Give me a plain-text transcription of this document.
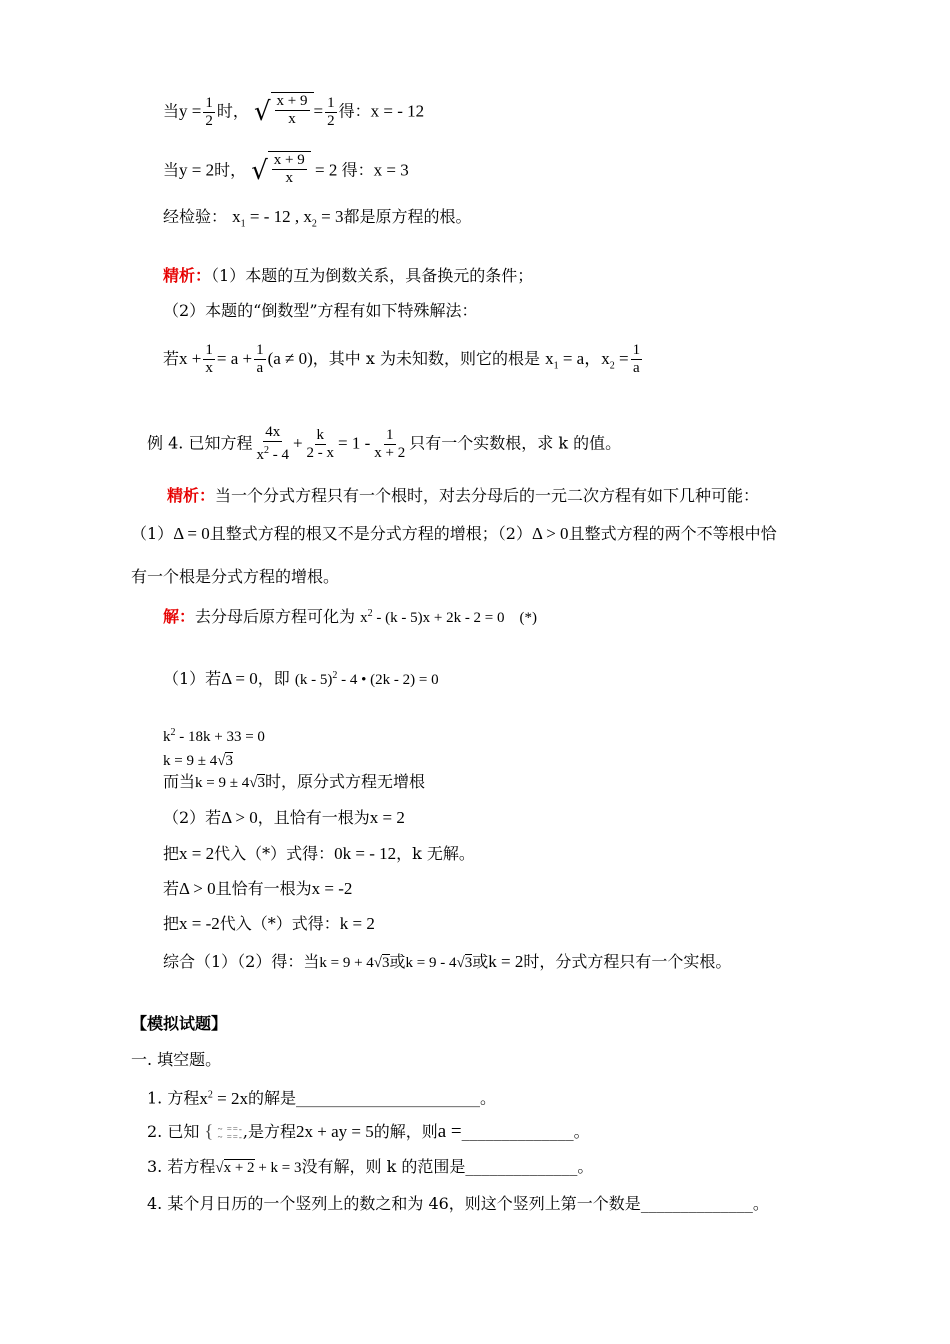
当$y = \frac{1}{2}$ 时， √ $\frac{x + 9}{x} = \frac{1}{2}$ 得：x = - 12
当y = 2时， √ $\frac{x + 9}{x} = 2$ 得：x = 3
经检验： $x_1$ = - 12 , $x_2 = 3$都是原方程的根。
精析：（1）本题的互为倒数关系，具备换元的条件；
（2）本题的“倒数型”方程有如下特殊解法：
若$x + \frac{1}{x} = a + \frac{1}{a} (a \ne 0)$，其中 x 为未知数，则它的根是 $x_1 = a$，$x_2 = \frac{1}{a}$
例 4. 已知方程 $\frac{4x}{x^2 - 4} + \frac{k}{2 - x} = 1 - \frac{1}{x + 2}$ 只有一个实数根，求 k 的值。
精析：当一个分式方程只有一个根时，对去分母后的一元二次方程有如下几种可能：
（1）Δ = 0且整式方程的根又不是分式方程的增根；（2）Δ > 0且整式方程的两个不等根中恰
有一个根是分式方程的增根。
解：去分母后原方程可化为 $x^2 - (k - 5)x + 2k - 2 = 0$    (*)
（1）若Δ = 0，即 (k - 5)$^2$ - 4 • (2k - 2) = 0
$k^2 - 18k + 33 = 0$
k = 9 ± 4√3
而当k = 9 ± 4√3时，原分式方程无增根
（2）若Δ > 0，且恰有一根为x = 2
把x = 2代入（*）式得：0k = - 12，k 无解。
若Δ > 0且恰有一根为x = -2
把x = -2代入（*）式得：k = 2
综合（1）（2）得：当k = 9 + 4√3或k = 9 - 4√3或k = 2时，分式方程只有一个实根。
【模拟试题】
一. 填空题。
1. 方程$x^2 = 2x$的解是_______________________。
2. 已知 { ~ ==-
~ ==- ,是方程2x + ay = 5的解，则a =______________。
3. 若方程√x + 2 + k = 3没有解，则 k 的范围是______________。
4. 某个月日历的一个竖列上的数之和为 46，则这个竖列上第一个数是______________。
